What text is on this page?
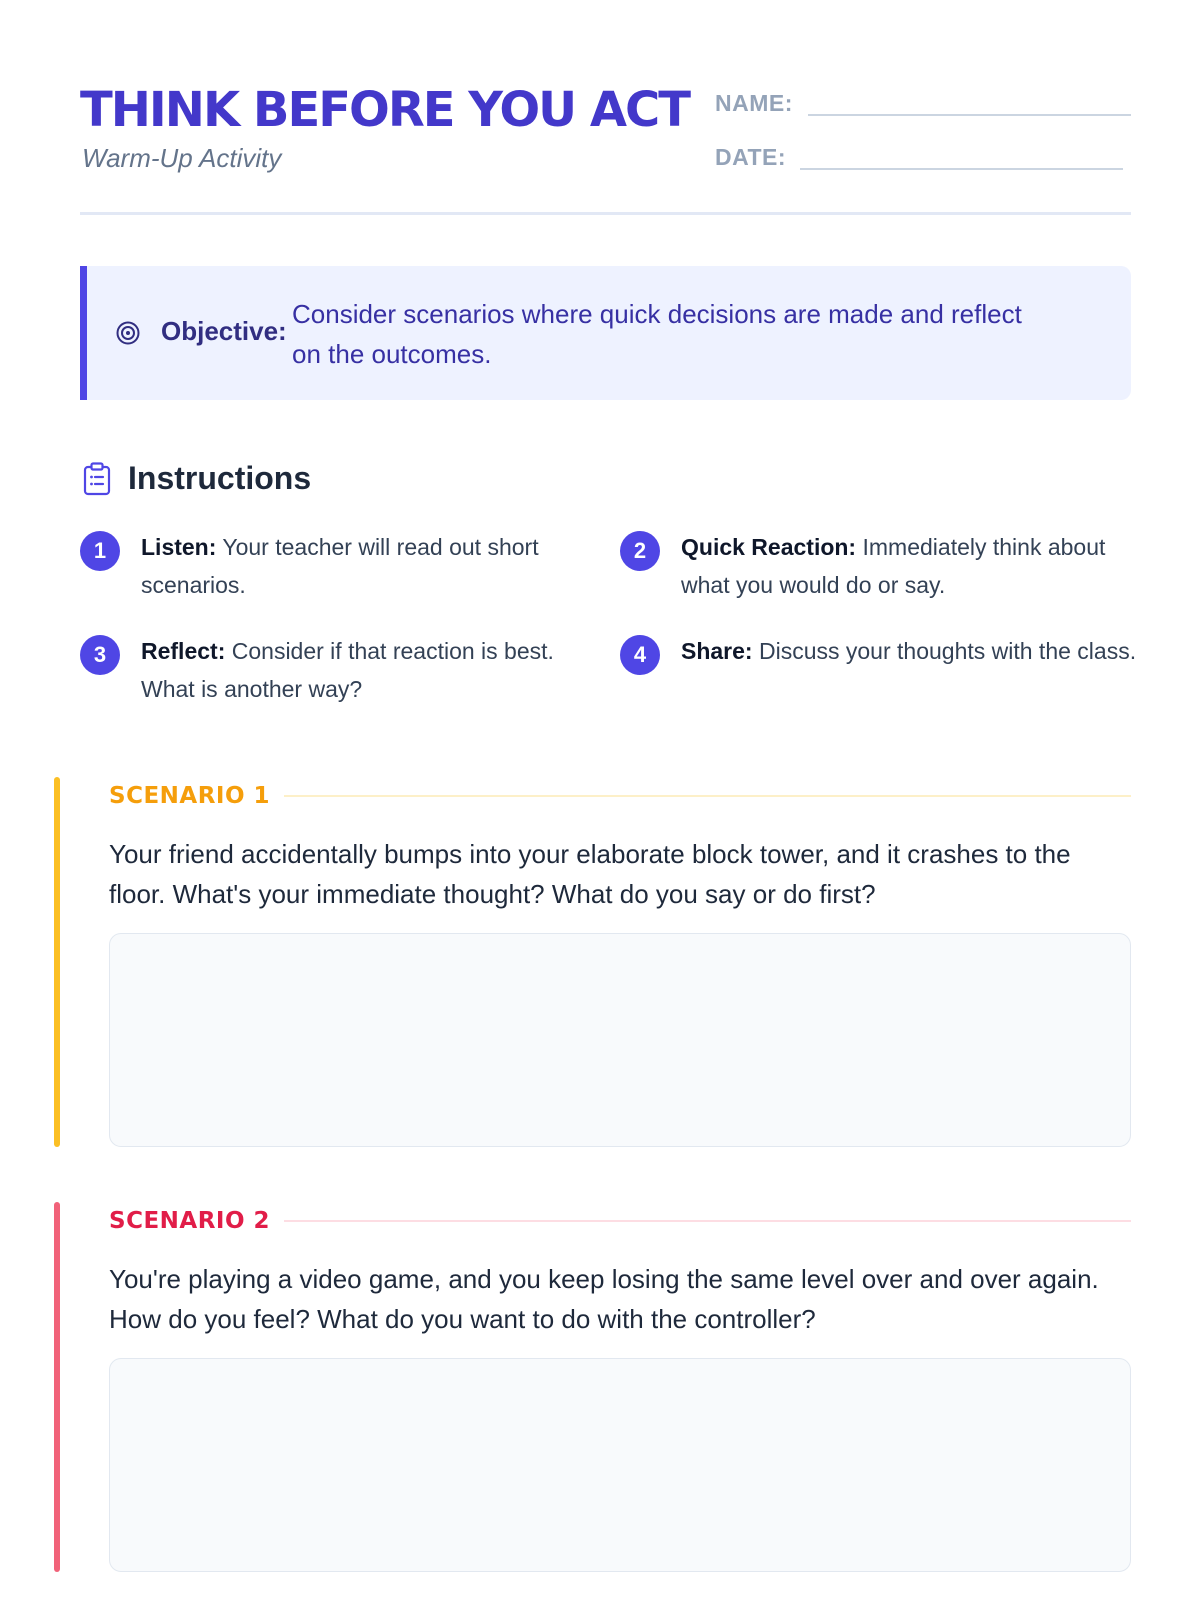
THINK BEFORE YOU ACT
Warm-Up Activity
NAME:
DATE:
Objective:
Consider scenarios where quick decisions are made and reflect on the outcomes.
Instructions
1	Listen: Your teacher will read out short scenarios.
2	Quick Reaction: Immediately think about what you would do or say.
3	Reflect: Consider if that reaction is best. What is another way?
4	Share: Discuss your thoughts with the class.
SCENARIO 1
Your friend accidentally bumps into your elaborate block tower, and it crashes to the floor. What's your immediate thought? What do you say or do first?
SCENARIO 2
You're playing a video game, and you keep losing the same level over and over again. How do you feel? What do you want to do with the controller?
